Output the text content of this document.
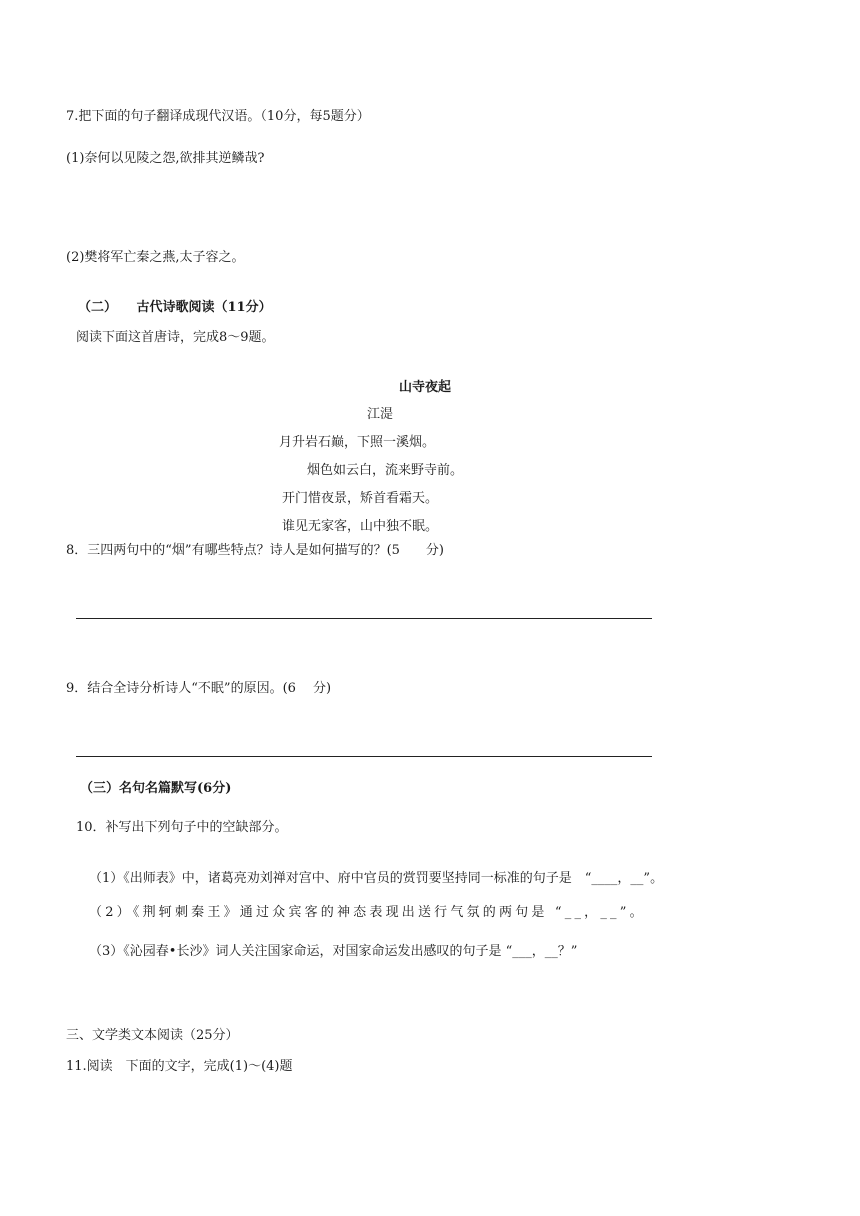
7.把下面的句子翻译成现代汉语。（10分，每5题分）
(1)奈何以见陵之怨,欲排其逆鳞哉?
(2)樊将军亡秦之燕,太子容之。
（二）　　古代诗歌阅读（11分）
阅读下面这首唐诗，完成8～9题。
山寺夜起
江湜
月升岩石巅，下照一溪烟。
烟色如云白，流来野寺前。
开门惜夜景，矫首看霜天。
谁见无家客，山中独不眠。
8．三四两句中的“烟”有哪些特点？诗人是如何描写的？(5　　分)
9．结合全诗分析诗人“不眠”的原因。(6　 分)
（三）名句名篇默写(6分)
10．补写出下列句子中的空缺部分。
（1）《出师表》中，诸葛亮劝刘禅对宫中、府中官员的赏罚要坚持同一标准的句子是　“____，__”。
（2）《荆轲刺秦王》通过众宾客的神态表现出送行气氛的两句是 “__，__”。
（3）《沁园春•长沙》词人关注国家命运，对国家命运发出感叹的句子是 “___，__？”
三、文学类文本阅读（25分）
11.阅读　下面的文字，完成(1)～(4)题
